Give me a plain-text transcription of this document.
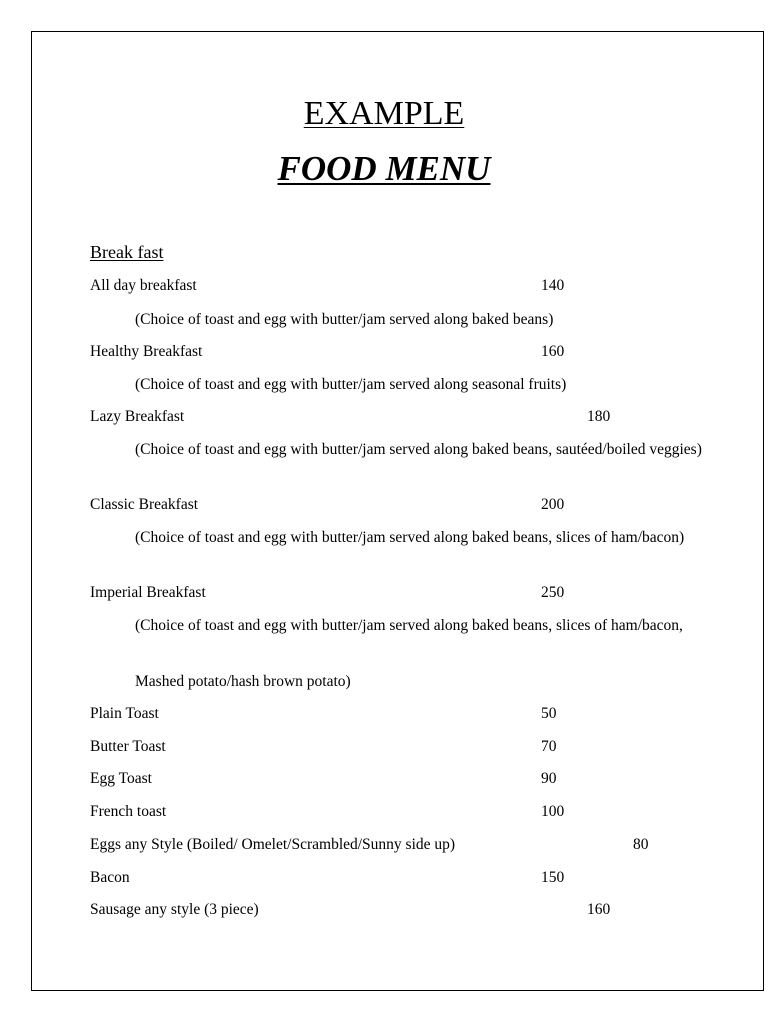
EXAMPLE
FOOD MENU
Break fast
All day breakfast	140
(Choice of toast and egg with butter/jam served along baked beans)
Healthy Breakfast	160
(Choice of toast and egg with butter/jam served along seasonal fruits)
Lazy Breakfast	180
(Choice of toast and egg with butter/jam served along baked beans, sautéed/boiled veggies)
Classic Breakfast	200
(Choice of toast and egg with butter/jam served along baked beans, slices of ham/bacon)
Imperial Breakfast	250
(Choice of toast and egg with butter/jam served along baked beans, slices of ham/bacon,
Mashed potato/hash brown potato)
Plain Toast	50
Butter Toast	70
Egg Toast	90
French toast	100
Eggs any Style (Boiled/ Omelet/Scrambled/Sunny side up)	80
Bacon	150
Sausage any style (3 piece)	160
